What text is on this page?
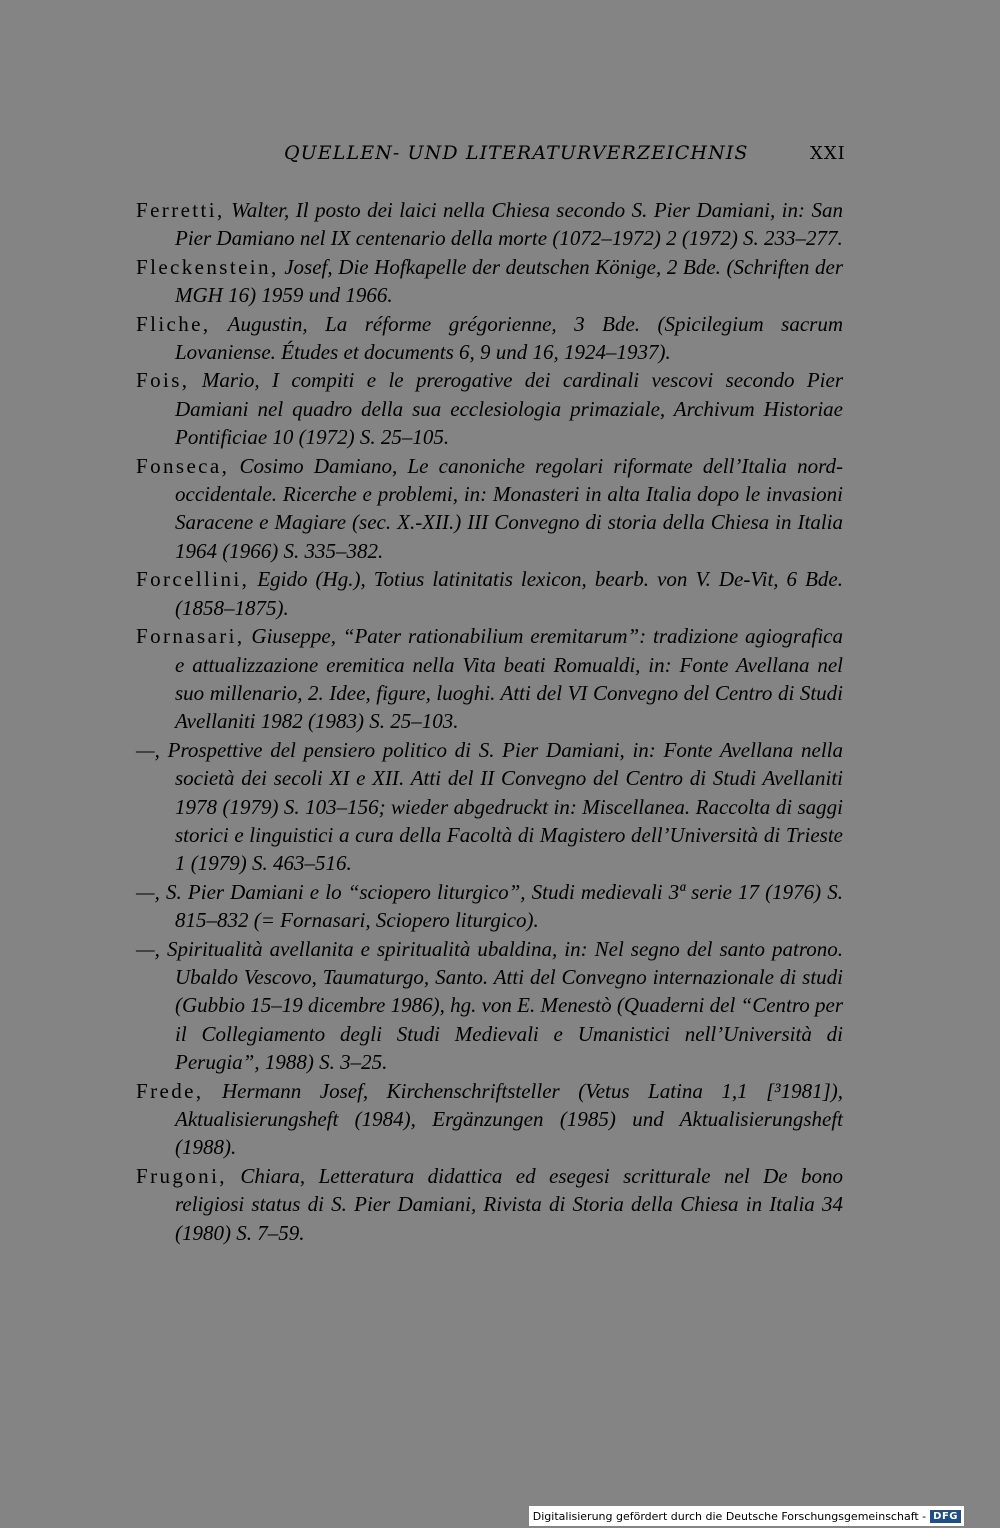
QUELLEN- UND LITERATURVERZEICHNIS	XXI

Ferretti, Walter, Il posto dei laici nella Chiesa secondo S. Pier Damiani, in: San Pier Damiano nel IX centenario della morte (1072–1972) 2 (1972) S. 233–277.

Fleckenstein, Josef, Die Hofkapelle der deutschen Könige, 2 Bde. (Schriften der MGH 16) 1959 und 1966.

Fliche, Augustin, La réforme grégorienne, 3 Bde. (Spicilegium sacrum Lovaniense. Études et documents 6, 9 und 16, 1924–1937).

Fois, Mario, I compiti e le prerogative dei cardinali vescovi secondo Pier Damiani nel quadro della sua ecclesiologia primaziale, Archivum Historiae Pontificiae 10 (1972) S. 25–105.

Fonseca, Cosimo Damiano, Le canoniche regolari riformate dell’Italia nord-occidentale. Ricerche e problemi, in: Monasteri in alta Italia dopo le invasioni Saracene e Magiare (sec. X.-XII.) III Convegno di storia della Chiesa in Italia 1964 (1966) S. 335–382.

Forcellini, Egido (Hg.), Totius latinitatis lexicon, bearb. von V. De-Vit, 6 Bde. (1858–1875).

Fornasari, Giuseppe, “Pater rationabilium eremitarum”: tradizione agiografica e attualizzazione eremitica nella Vita beati Romualdi, in: Fonte Avellana nel suo millenario, 2. Idee, figure, luoghi. Atti del VI Convegno del Centro di Studi Avellaniti 1982 (1983) S. 25–103.

—, Prospettive del pensiero politico di S. Pier Damiani, in: Fonte Avellana nella società dei secoli XI e XII. Atti del II Convegno del Centro di Studi Avellaniti 1978 (1979) S. 103–156; wieder abgedruckt in: Miscellanea. Raccolta di saggi storici e linguistici a cura della Facoltà di Magistero dell’Università di Trieste 1 (1979) S. 463–516.

—, S. Pier Damiani e lo “sciopero liturgico”, Studi medievali 3ª serie 17 (1976) S. 815–832 (= Fornasari, Sciopero liturgico).

—, Spiritualità avellanita e spiritualità ubaldina, in: Nel segno del santo patrono. Ubaldo Vescovo, Taumaturgo, Santo. Atti del Convegno internazionale di studi (Gubbio 15–19 dicembre 1986), hg. von E. Menestò (Quaderni del “Centro per il Collegiamento degli Studi Medievali e Umanistici nell’Università di Perugia”, 1988) S. 3–25.

Frede, Hermann Josef, Kirchenschriftsteller (Vetus Latina 1,1 [³1981]), Aktualisierungsheft (1984), Ergänzungen (1985) und Aktualisierungsheft (1988).

Frugoni, Chiara, Letteratura didattica ed esegesi scritturale nel De bono religiosi status di S. Pier Damiani, Rivista di Storia della Chiesa in Italia 34 (1980) S. 7–59.

Digitalisierung gefördert durch die Deutsche Forschungsgemeinschaft - DFG
